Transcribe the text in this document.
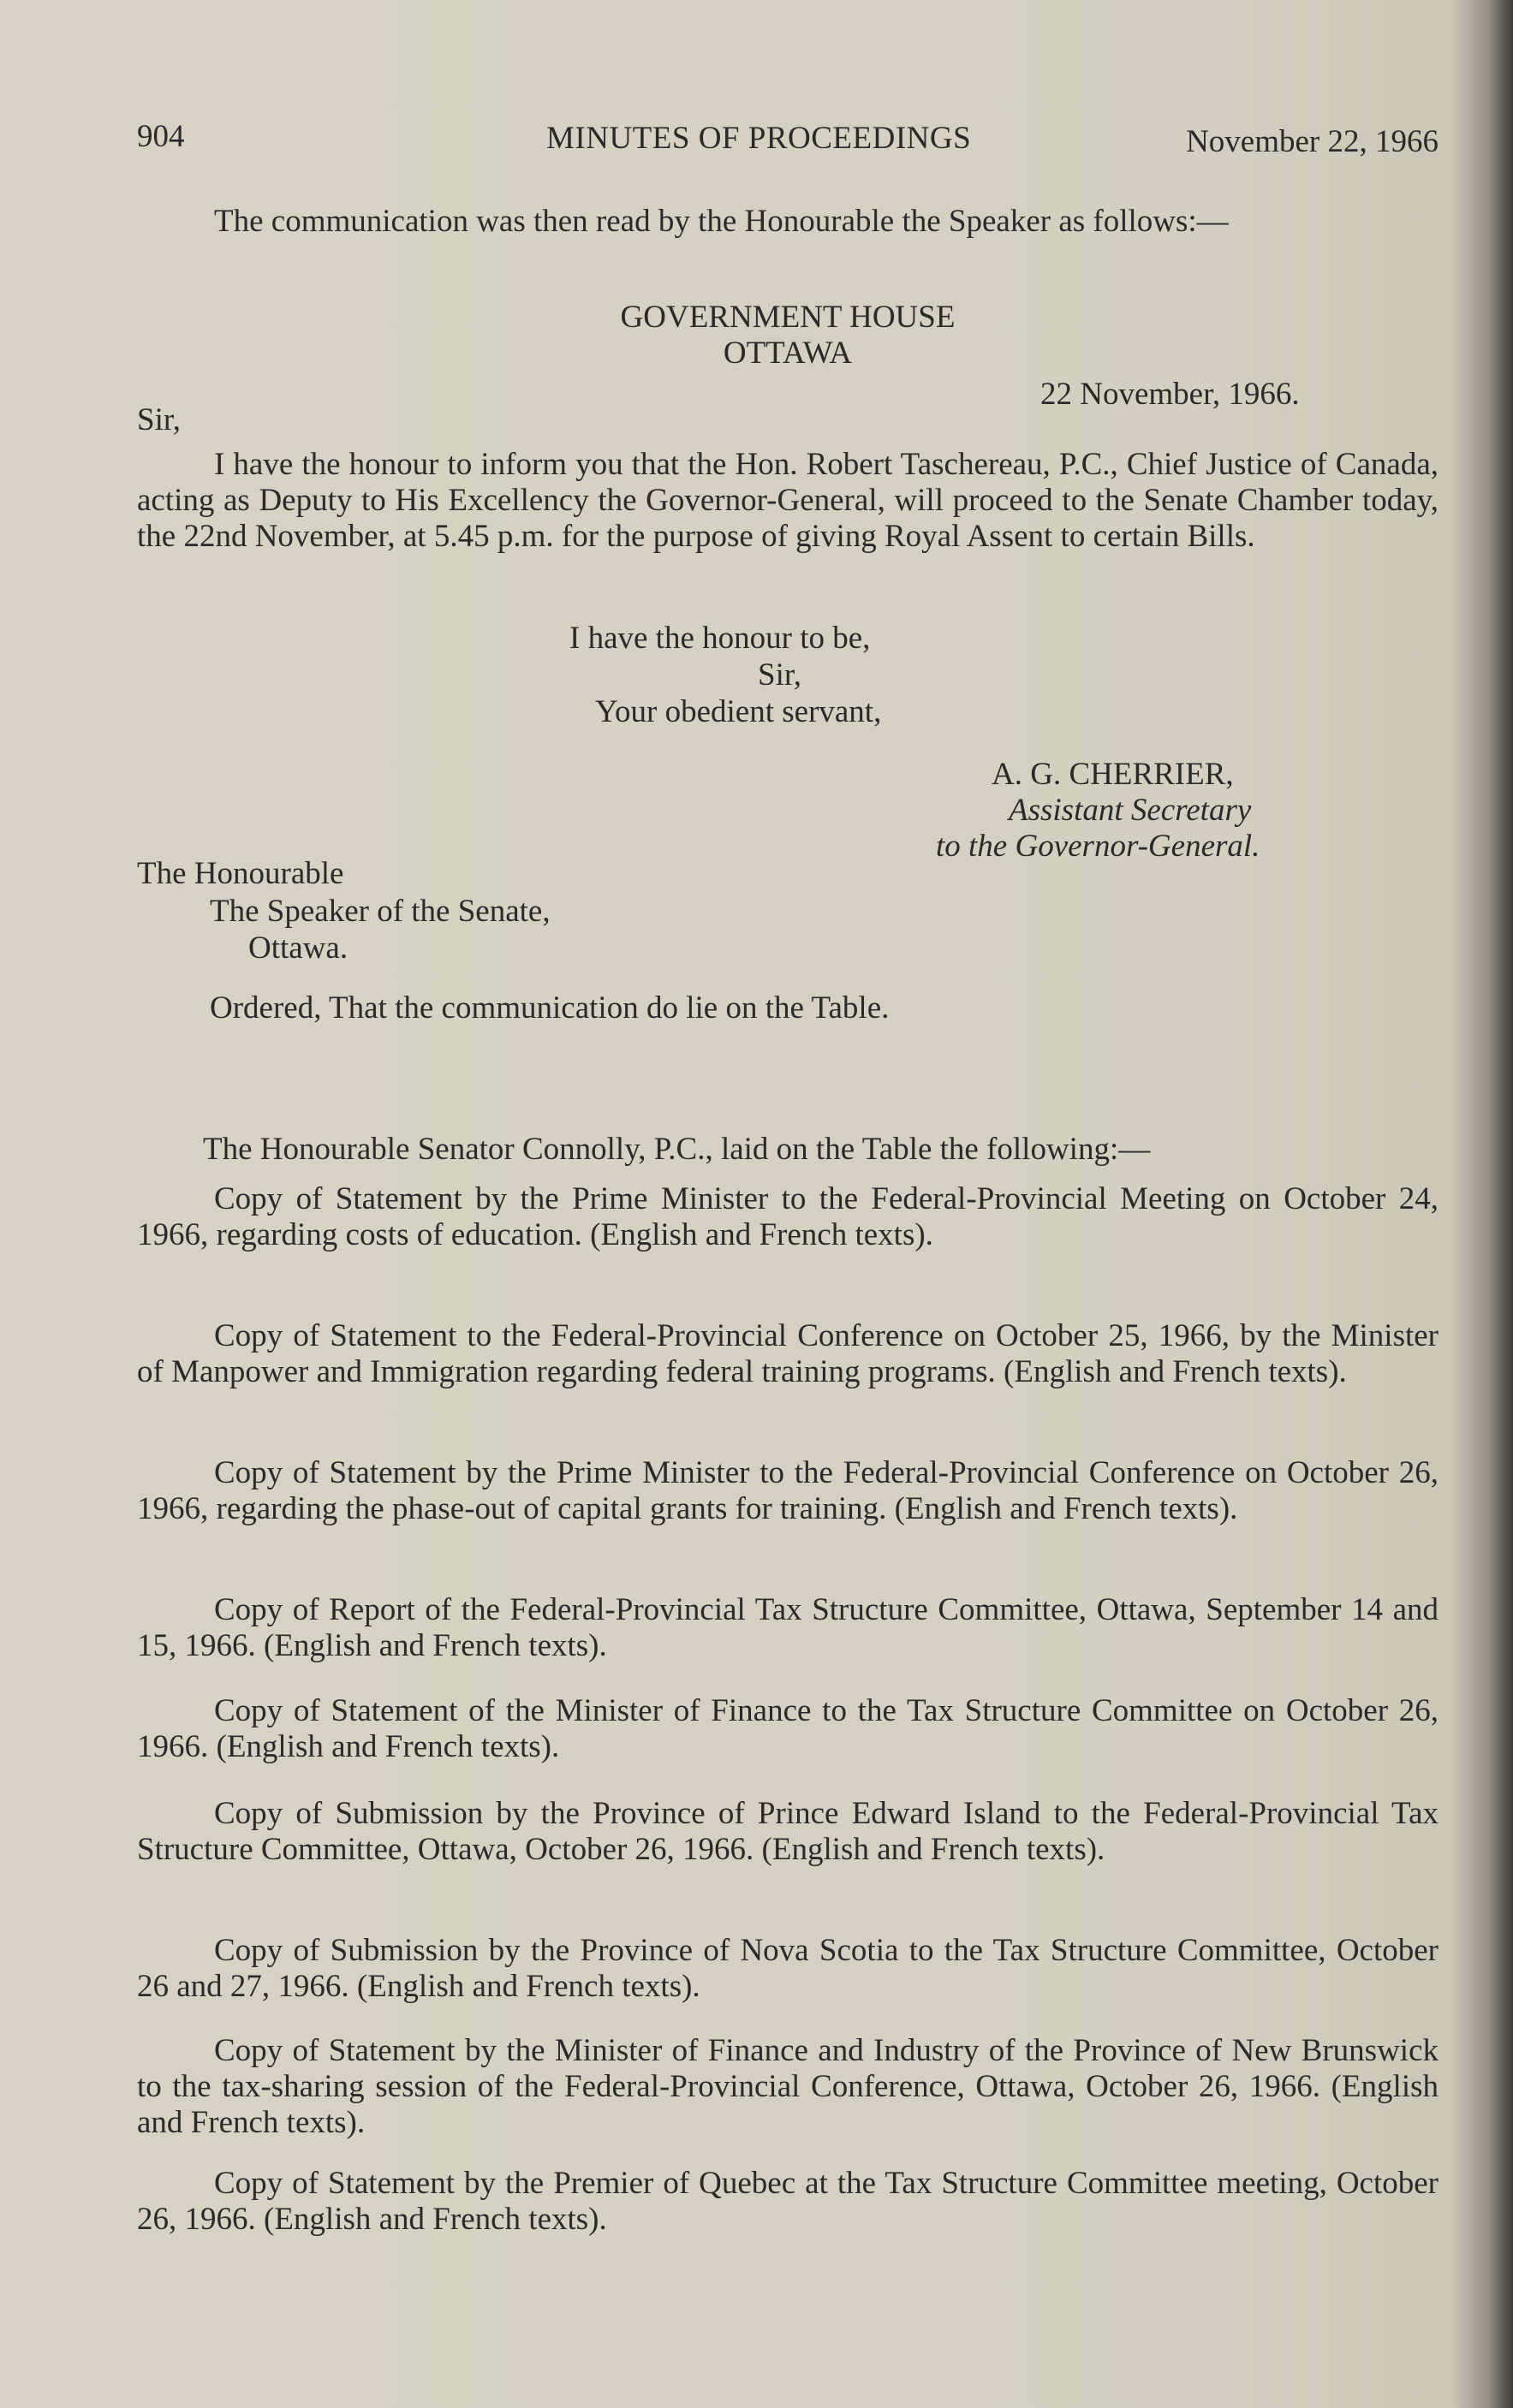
904	MINUTES OF PROCEEDINGS	November 22, 1966

The communication was then read by the Honourable the Speaker as follows:—

GOVERNMENT HOUSE
OTTAWA
22 November, 1966.
Sir,

I have the honour to inform you that the Hon. Robert Taschereau, P.C., Chief Justice of Canada, acting as Deputy to His Excellency the Governor-General, will proceed to the Senate Chamber today, the 22nd November, at 5.45 p.m. for the purpose of giving Royal Assent to certain Bills.

I have the honour to be,
Sir,
Your obedient servant,
A. G. CHERRIER,
Assistant Secretary
to the Governor-General.
The Honourable
The Speaker of the Senate,
Ottawa.
Ordered, That the communication do lie on the Table.
The Honourable Senator Connolly, P.C., laid on the Table the following:—

Copy of Statement by the Prime Minister to the Federal-Provincial Meeting on October 24, 1966, regarding costs of education. (English and French texts).

Copy of Statement to the Federal-Provincial Conference on October 25, 1966, by the Minister of Manpower and Immigration regarding federal training programs. (English and French texts).

Copy of Statement by the Prime Minister to the Federal-Provincial Conference on October 26, 1966, regarding the phase-out of capital grants for training. (English and French texts).

Copy of Report of the Federal-Provincial Tax Structure Committee, Ottawa, September 14 and 15, 1966. (English and French texts).

Copy of Statement of the Minister of Finance to the Tax Structure Committee on October 26, 1966. (English and French texts).

Copy of Submission by the Province of Prince Edward Island to the Federal-Provincial Tax Structure Committee, Ottawa, October 26, 1966. (English and French texts).

Copy of Submission by the Province of Nova Scotia to the Tax Structure Committee, October 26 and 27, 1966. (English and French texts).

Copy of Statement by the Minister of Finance and Industry of the Province of New Brunswick to the tax-sharing session of the Federal-Provincial Conference, Ottawa, October 26, 1966. (English and French texts).

Copy of Statement by the Premier of Quebec at the Tax Structure Committee meeting, October 26, 1966. (English and French texts).
